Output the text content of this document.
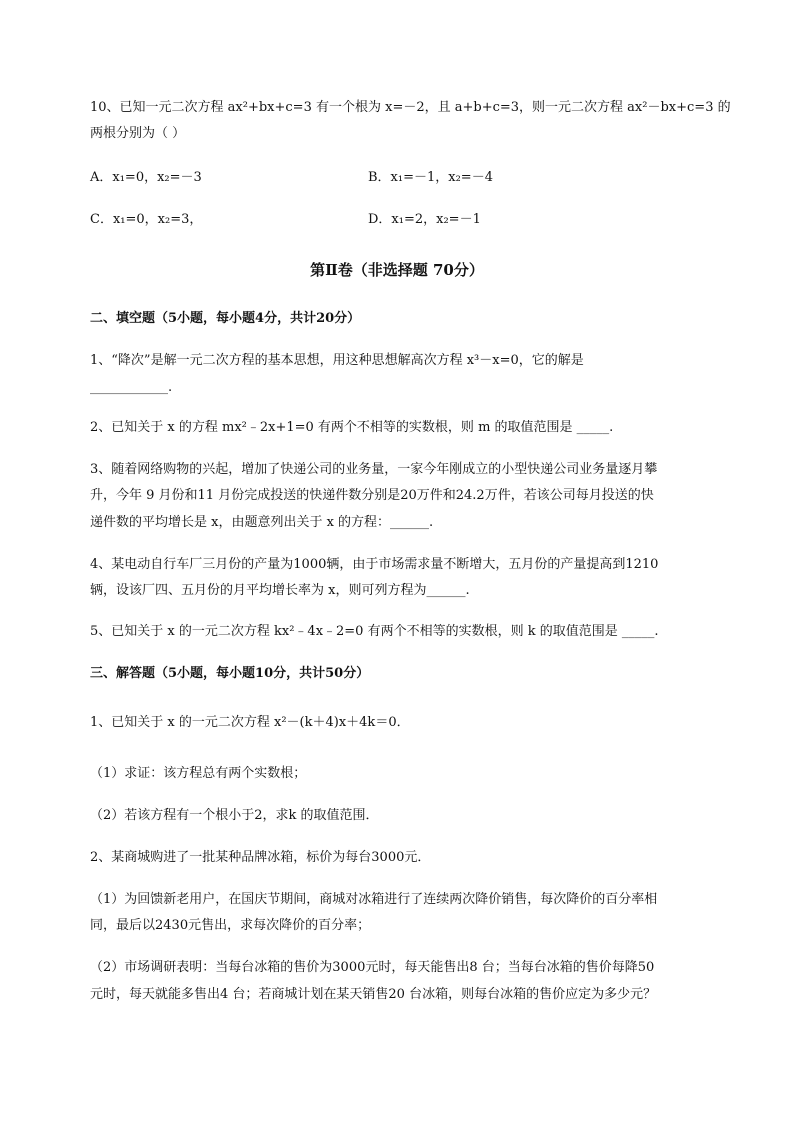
10、已知一元二次方程 ax²+bx+c=3 有一个根为 x=－2，且 a+b+c=3，则一元二次方程 ax²－bx+c=3 的
两根分别为（ ）
A．x₁=0，x₂=－3	B．x₁=－1，x₂=－4
C．x₁=0，x₂=3，	D．x₁=2，x₂=－1
第Ⅱ卷（非选择题 70分）
二、填空题（5小题，每小题4分，共计20分）
1、“降次”是解一元二次方程的基本思想，用这种思想解高次方程 x³－x=0，它的解是
____________.
2、已知关于 x 的方程 mx²﹣2x+1=0 有两个不相等的实数根，则 m 的取值范围是 _____.
3、随着网络购物的兴起，增加了快递公司的业务量，一家今年刚成立的小型快递公司业务量逐月攀
升，今年 9 月份和11 月份完成投送的快递件数分别是20万件和24.2万件，若该公司每月投送的快
递件数的平均增长是 x，由题意列出关于 x 的方程：______.
4、某电动自行车厂三月份的产量为1000辆，由于市场需求量不断增大，五月份的产量提高到1210
辆，设该厂四、五月份的月平均增长率为 x，则可列方程为______.
5、已知关于 x 的一元二次方程 kx²﹣4x﹣2=0 有两个不相等的实数根，则 k 的取值范围是 _____.
三、解答题（5小题，每小题10分，共计50分）
1、已知关于 x 的一元二次方程 x²－(k＋4)x＋4k＝0．
（1）求证：该方程总有两个实数根；
（2）若该方程有一个根小于2，求k 的取值范围．
2、某商城购进了一批某种品牌冰箱，标价为每台3000元．
（1）为回馈新老用户，在国庆节期间，商城对冰箱进行了连续两次降价销售，每次降价的百分率相
同，最后以2430元售出，求每次降价的百分率；
（2）市场调研表明：当每台冰箱的售价为3000元时，每天能售出8 台；当每台冰箱的售价每降50
元时，每天就能多售出4 台；若商城计划在某天销售20 台冰箱，则每台冰箱的售价应定为多少元？
